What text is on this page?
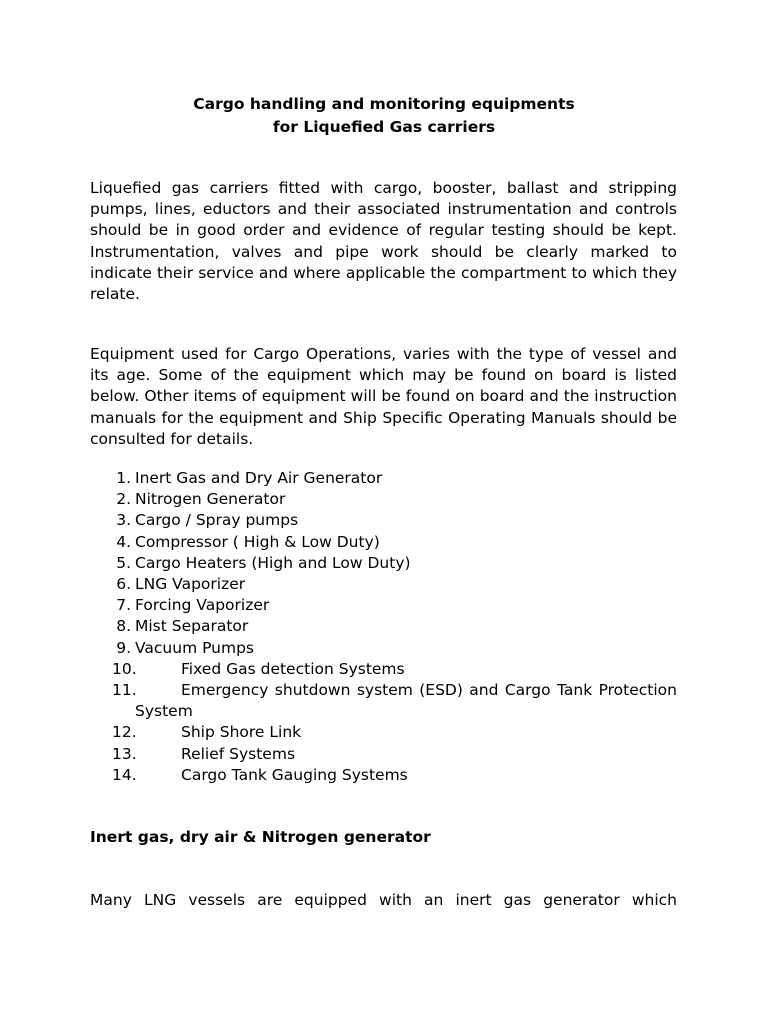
Cargo handling and monitoring equipments
for Liquefied Gas carriers

Liquefied gas carriers fitted with cargo, booster, ballast and stripping pumps, lines, eductors and their associated instrumentation and controls should be in good order and evidence of regular testing should be kept. Instrumentation, valves and pipe work should be clearly marked to indicate their service and where applicable the compartment to which they relate.

Equipment used for Cargo Operations, varies with the type of vessel and its age. Some of the equipment which may be found on board is listed below. Other items of equipment will be found on board and the instruction manuals for the equipment and Ship Specific Operating Manuals should be consulted for details.

1. Inert Gas and Dry Air Generator
2. Nitrogen Generator
3. Cargo / Spray pumps
4. Compressor ( High & Low Duty)
5. Cargo Heaters (High and Low Duty)
6. LNG Vaporizer
7. Forcing Vaporizer
8. Mist Separator
9. Vacuum Pumps
10.	Fixed Gas detection Systems
11.	Emergency shutdown system (ESD) and Cargo Tank Protection System
12.	Ship Shore Link
13.	Relief Systems
14.	Cargo Tank Gauging Systems
Inert gas, dry air & Nitrogen generator

Many LNG vessels are equipped with an inert gas generator which
